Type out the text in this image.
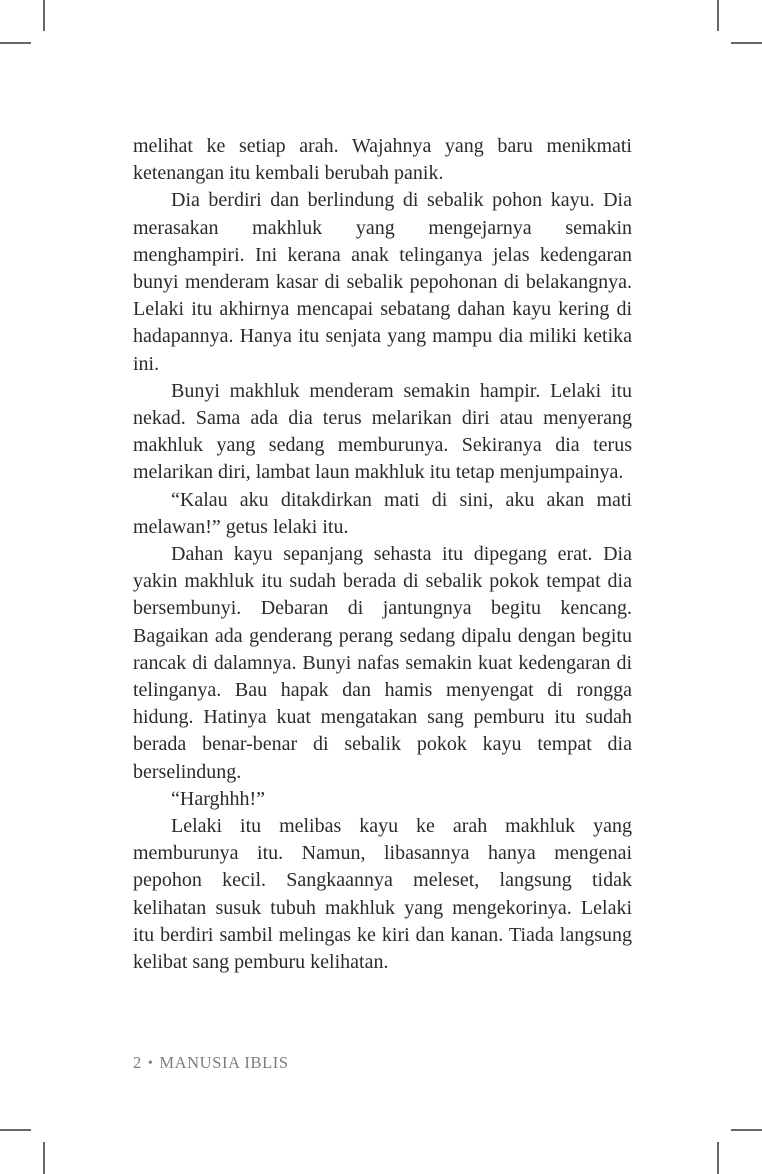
melihat ke setiap arah. Wajahnya yang baru menikmati ketenangan itu kembali berubah panik.

Dia berdiri dan berlindung di sebalik pohon kayu. Dia merasakan makhluk yang mengejarnya semakin menghampiri. Ini kerana anak telinganya jelas kedengaran bunyi menderam kasar di sebalik pepohonan di belakangnya. Lelaki itu akhirnya mencapai sebatang dahan kayu kering di hadapannya. Hanya itu senjata yang mampu dia miliki ketika ini.

Bunyi makhluk menderam semakin hampir. Lelaki itu nekad. Sama ada dia terus melarikan diri atau menyerang makhluk yang sedang memburunya. Sekiranya dia terus melarikan diri, lambat laun makhluk itu tetap menjumpainya.

“Kalau aku ditakdirkan mati di sini, aku akan mati melawan!” getus lelaki itu.

Dahan kayu sepanjang sehasta itu dipegang erat. Dia yakin makhluk itu sudah berada di sebalik pokok tempat dia bersembunyi. Debaran di jantungnya begitu kencang. Bagaikan ada genderang perang sedang dipalu dengan begitu rancak di dalamnya. Bunyi nafas semakin kuat kedengaran di telinganya. Bau hapak dan hamis menyengat di rongga hidung. Hatinya kuat mengatakan sang pemburu itu sudah berada benar-benar di sebalik pokok kayu tempat dia berselindung.

“Harghhh!”

Lelaki itu melibas kayu ke arah makhluk yang memburunya itu. Namun, libasannya hanya mengenai pepohon kecil. Sangkaannya meleset, langsung tidak kelihatan susuk tubuh makhluk yang mengekorinya. Lelaki itu berdiri sambil melingas ke kiri dan kanan. Tiada langsung kelibat sang pemburu kelihatan.

2 • MANUSIA IBLIS
